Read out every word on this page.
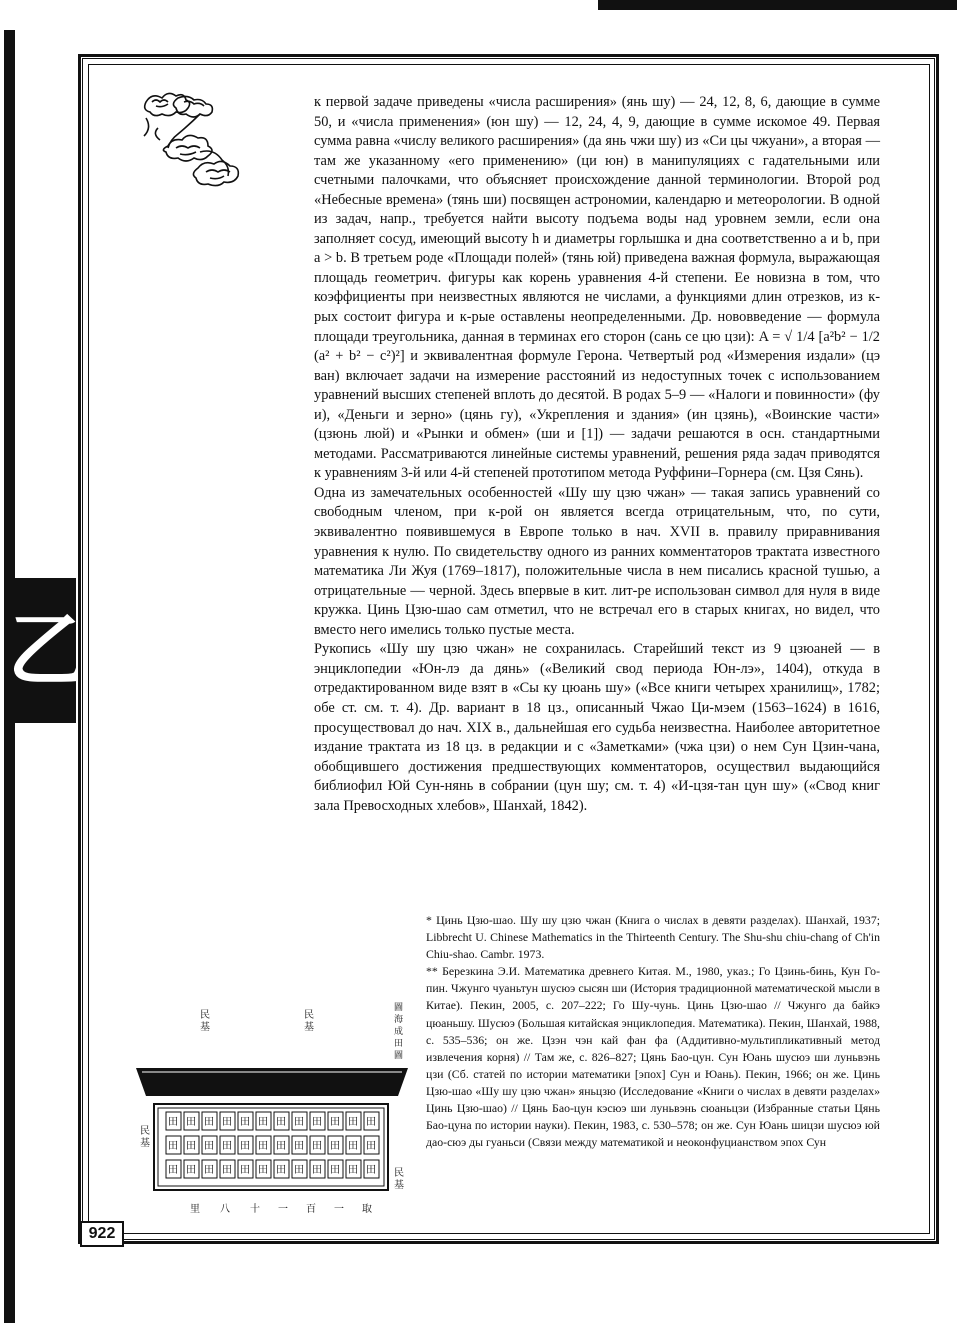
乙

к первой задаче приведены «числа расширения» (янь шу) — 24, 12, 8, 6, дающие в сумме 50, и «числа применения» (юн шу) — 12, 24, 4, 9, дающие в сумме искомое 49. Первая сумма равна «числу великого расширения» (да янь чжи шу) из «Си цы чжуани», а вторая — там же указанному «его применению» (ци юн) в манипуляциях с гадательными или счетными палочками, что объясняет происхождение данной терминологии. Второй род «Небесные времена» (тянь ши) посвящен астрономии, календарю и метеорологии. В одной из задач, напр., требуется найти высоту подъема воды над уровнем земли, если она заполняет сосуд, имеющий высоту h и диаметры горлышка и дна соответственно a и b, при a > b. В третьем роде «Площади полей» (тянь юй) приведена важная формула, выражающая площадь геометрич. фигуры как корень уравнения 4-й степени. Ее новизна в том, что коэффициенты при неизвестных являются не числами, а функциями длин отрезков, из к-рых состоит фигура и к-рые оставлены неопределенными. Др. нововведение — формула площади треугольника, данная в терминах его сторон (сань се цю цзи): A = √ 1/4 [a²b² − 1/2 (a² + b² − c²)²] и эквивалентная формуле Герона. Четвертый род «Измерения издали» (цэ ван) включает задачи на измерение расстояний из недоступных точек с использованием уравнений высших степеней вплоть до десятой. В родах 5–9 — «Налоги и повинности» (фу и), «Деньги и зерно» (цянь гу), «Укрепления и здания» (ин цзянь), «Воинские части» (цзюнь люй) и «Рынки и обмен» (ши и [1]) — задачи решаются в осн. стандартными методами. Рассматриваются линейные системы уравнений, решения ряда задач приводятся к уравнениям 3-й или 4-й степеней прототипом метода Руффини–Горнера (см. Цзя Сянь).

Одна из замечательных особенностей «Шу шу цзю чжан» — такая запись уравнений со свободным членом, при к-рой он является всегда отрицательным, что, по сути, эквивалентно появившемуся в Европе только в нач. XVII в. правилу приравнивания уравнения к нулю. По свидетельству одного из ранних комментаторов трактата известного математика Ли Жуя (1769–1817), положительные числа в нем писались красной тушью, а отрицательные — черной. Здесь впервые в кит. лит-ре использован символ для нуля в виде кружка. Цинь Цзю-шао сам отметил, что не встречал его в старых книгах, но видел, что вместо него имелись только пустые места.

Рукопись «Шу шу цзю чжан» не сохранилась. Старейший текст из 9 цзюаней — в энциклопедии «Юн-лэ да дянь» («Великий свод периода Юн-лэ», 1404), откуда в отредактированном виде взят в «Сы ку цюань шу» («Все книги четырех хранилищ», 1782; обе ст. см. т. 4). Др. вариант в 18 цз., описанный Чжао Ци-мэем (1563–1624) в 1616, просуществовал до нач. XIX в., дальнейшая его судьба неизвестна. Наиболее авторитетное издание трактата из 18 цз. в редакции и с «Заметками» (чжа цзи) о нем Сун Цзин-чана, обобщившего достижения предшествующих комментаторов, осуществил выдающийся библиофил Юй Сун-нянь в собрании (цун шу; см. т. 4) «И-цзя-тан цун шу» («Свод книг зала Превосходных хлебов», Шанхай, 1842).

* Цинь Цзю-шао. Шу шу цзю чжан (Книга о числах в девяти разделах). Шанхай, 1937; Libbrecht U. Chinese Mathematics in the Thirteenth Century. The Shu-shu chiu-chang of Ch'in Chiu-shao. Cambr. 1973.

** Березкина Э.И. Математика древнего Китая. М., 1980, указ.; Го Цзинь-бинь, Кун Го-пин. Чжунго чуаньтун шусюэ сысян ши (История традиционной математической мысли в Китае). Пекин, 2005, с. 207–222; Го Шу-чунь. Цинь Цзю-шао // Чжунго да байкэ цюаньшу. Шусюэ (Большая китайская энциклопедия. Математика). Пекин, Шанхай, 1988, с. 535–536; он же. Цзэн чэн кай фан фа (Аддитивно-мультипликативный метод извлечения корня) // Там же, с. 826–827; Цянь Бао-цун. Сун Юань шусюэ ши луньвэнь цзи (Сб. статей по истории математики [эпох] Сун и Юань). Пекин, 1966; он же. Цинь Цзю-шао «Шу шу цзю чжан» яньцзю (Исследование «Книги о числах в девяти разделах» Цинь Цзю-шао) // Цянь Бао-цун кэсюэ ши луньвэнь сюаньцзи (Избранные статьи Цянь Бао-цуна по истории науки). Пекин, 1983, с. 530–578; он же. Сун Юань шицзи шусюэ юй дао-сюэ ды гуаньси (Связи между математикой и неоконфуцианством эпох Сун

民
基
民
基
圖
海
成
田
圖
田 田 田 田 田 田 田 田 田 田 田 田
田 田 田 田 田 田 田 田 田 田 田 田
田 田 田 田 田 田 田 田 田 田 田 田
民
基
民
基
里 八 十 一 百 一 取
922
